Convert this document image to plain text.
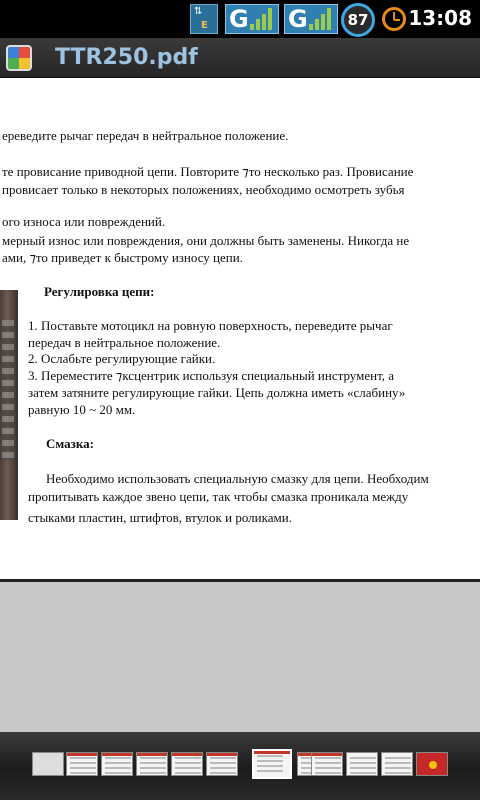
⇅
E G G	87 13:08
TTR250.pdf
ереведите рычаг передач в нейтральное положение.
те провисание приводной цепи. Повторите ⁊то несколько раз. Провисание
провисает только в некоторых положениях, необходимо осмотреть зубья
ого износа или повреждений.
мерный износ или повреждения, они должны быть заменены. Никогда не
ами, ⁊то приведет к быстрому износу цепи.
Регулировка цепи:
1. Поставьте мотоцикл на ровную поверхность, переведите рычаг
передач в нейтральное положение.
2. Ослабьте регулирующие гайки.
3. Переместите ⁊ксцентрик используя специальный инструмент, а
затем затяните регулирующие гайки. Цепь должна иметь «слабину»
равную 10 ~ 20 мм.
Смазка:
Необходимо использовать специальную смазку для цепи. Необходим
пропитывать каждое звено цепи, так чтобы смазка проникала между
стыками пластин, штифтов, втулок и роликами.
